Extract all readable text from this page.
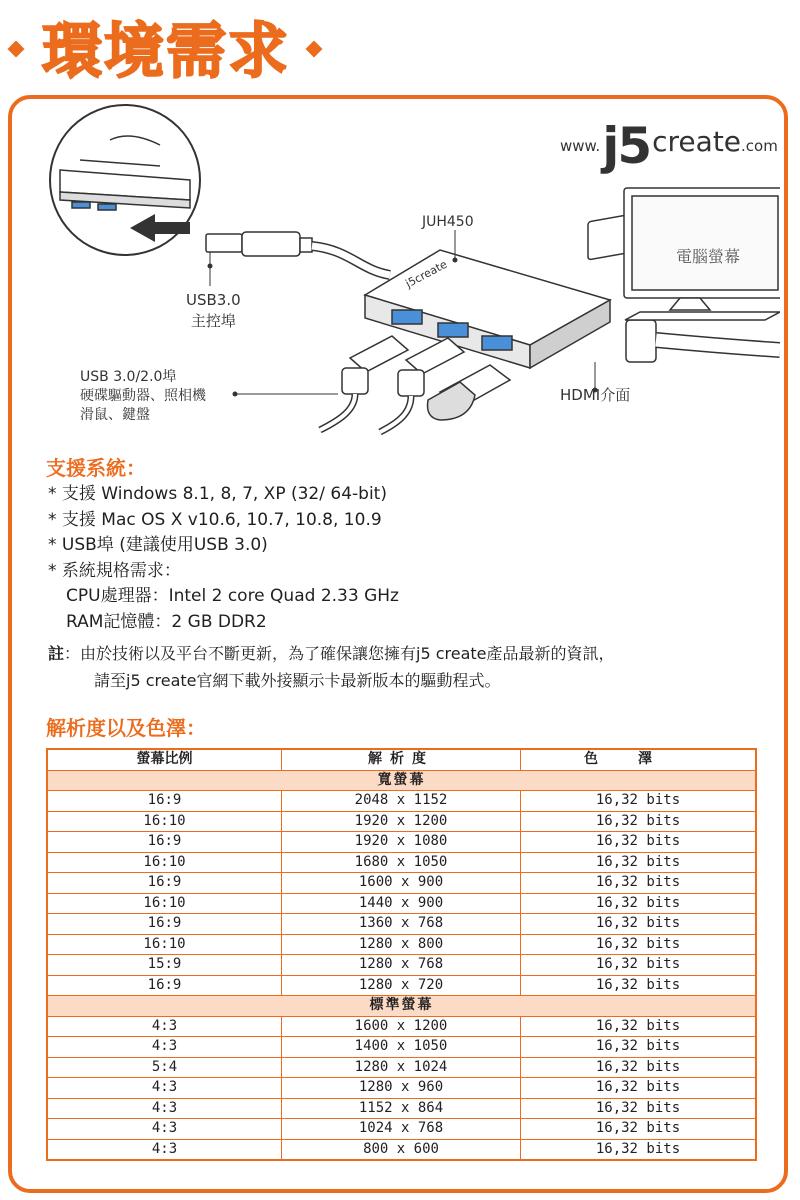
環境需求
j5create
www.j5create.com
JUH450
USB3.0
主控埠
USB 3.0/2.0埠
硬碟驅動器、照相機
滑鼠、鍵盤
HDMI介面
電腦螢幕
支援系統：
* 支援 Windows 8.1, 8, 7, XP (32/ 64-bit)
* 支援 Mac OS X v10.6, 10.7, 10.8, 10.9
* USB埠 (建議使用USB 3.0)
* 系統規格需求：
CPU處理器：Intel 2 core Quad 2.33 GHz
RAM記憶體：2 GB DDR2
註：由於技術以及平台不斷更新，為了確保讓您擁有j5 create產品最新的資訊，
請至j5 create官網下載外接顯示卡最新版本的驅動程式。
解析度以及色澤：
螢幕比例	解析度	色澤
寬螢幕		
16:9	2048 x 1152	16,32 bits
16:10	1920 x 1200	16,32 bits
16:9	1920 x 1080	16,32 bits
16:10	1680 x 1050	16,32 bits
16:9	1600 x 900	16,32 bits
16:10	1440 x 900	16,32 bits
16:9	1360 x 768	16,32 bits
16:10	1280 x 800	16,32 bits
15:9	1280 x 768	16,32 bits
16:9	1280 x 720	16,32 bits
標準螢幕		
4:3	1600 x 1200	16,32 bits
4:3	1400 x 1050	16,32 bits
5:4	1280 x 1024	16,32 bits
4:3	1280 x 960	16,32 bits
4:3	1152 x 864	16,32 bits
4:3	1024 x 768	16,32 bits
4:3	800 x 600	16,32 bits
